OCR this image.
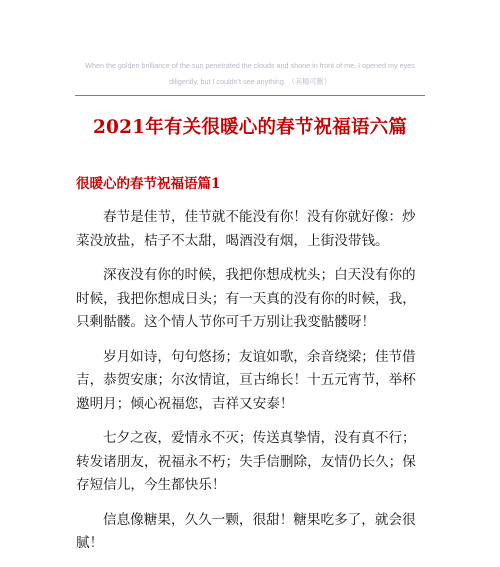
When the golden brilliance of the sun penetrated the clouds and shone in front of me, I opened my eyes
diligently, but I couldn't see anything. （其精可删）
2021年有关很暖心的春节祝福语六篇
很暖心的春节祝福语篇1

春节是佳节，佳节就不能没有你！没有你就好像：炒菜没放盐，桔子不太甜，喝酒没有烟，上街没带钱。

深夜没有你的时候，我把你想成枕头；白天没有你的时候，我把你想成日头；有一天真的没有你的时候，我，只剩骷髅。这个情人节你可千万别让我变骷髅呀！

岁月如诗，句句悠扬；友谊如歌，余音绕梁；佳节借吉，恭贺安康；尔汝情谊，亘古绵长！十五元宵节，举杯邀明月；倾心祝福您，吉祥又安泰！

七夕之夜，爱情永不灭；传送真挚情，没有真不行；转发诸朋友，祝福永不朽；失手信删除，友情仍长久；保存短信儿，今生都快乐！

信息像糖果，久久一颗，很甜！糖果吃多了，就会很腻！
